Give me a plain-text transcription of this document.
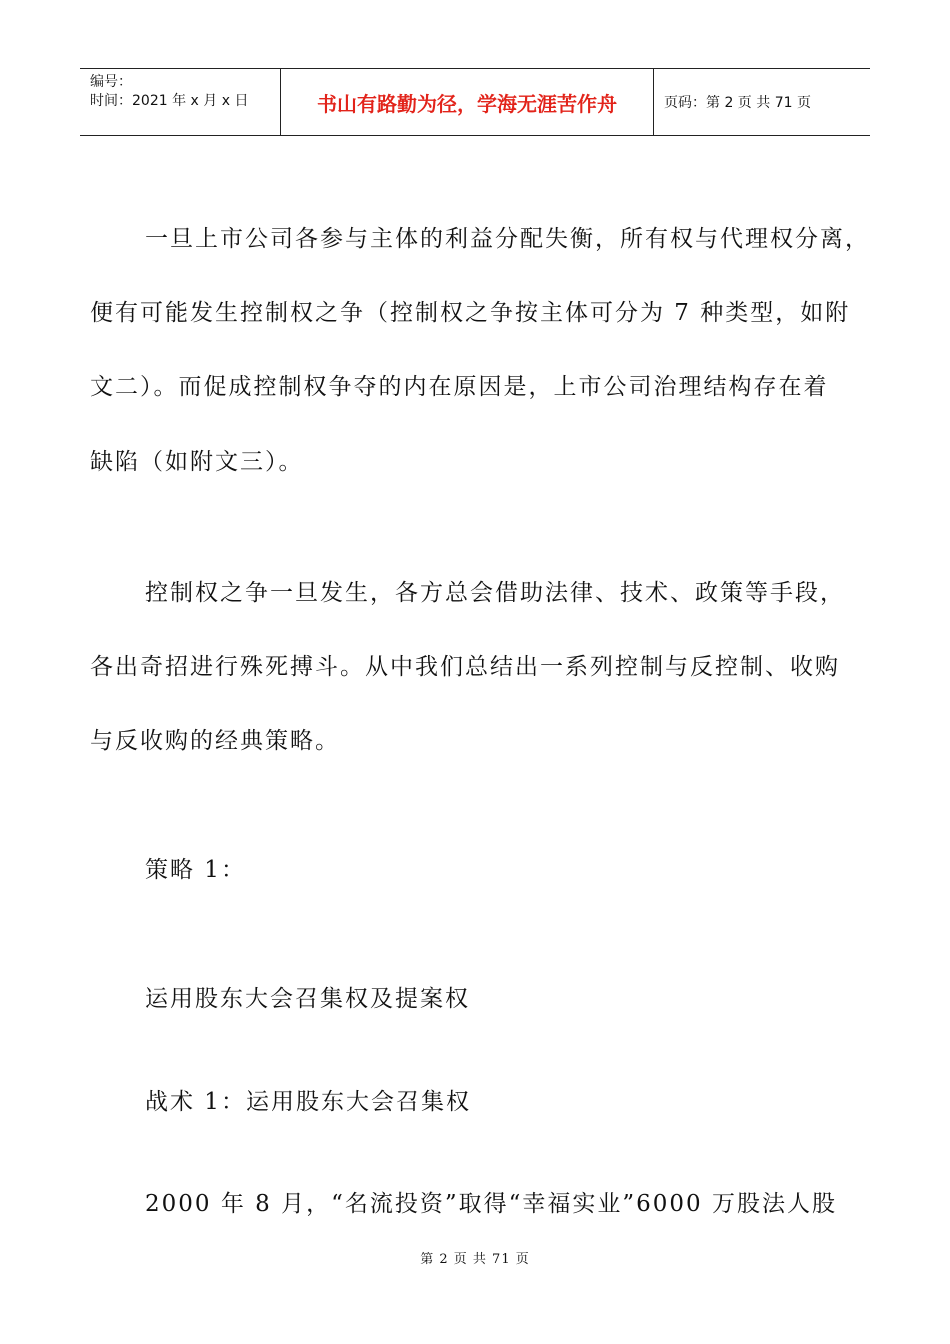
编号：
时间：2021 年 x 月 x 日	书山有路勤为径，学海无涯苦作舟	页码：第 2 页 共 71 页
一旦上市公司各参与主体的利益分配失衡，所有权与代理权分离，
便有可能发生控制权之争（控制权之争按主体可分为 7 种类型，如附
文二）。而促成控制权争夺的内在原因是，上市公司治理结构存在着
缺陷（如附文三）。
控制权之争一旦发生，各方总会借助法律、技术、政策等手段，
各出奇招进行殊死搏斗。从中我们总结出一系列控制与反控制、收购
与反收购的经典策略。
策略 1：
运用股东大会召集权及提案权
战术 1：运用股东大会召集权
2000 年 8 月，“名流投资”取得“幸福实业”6000 万股法人股
第 2 页 共 71 页
